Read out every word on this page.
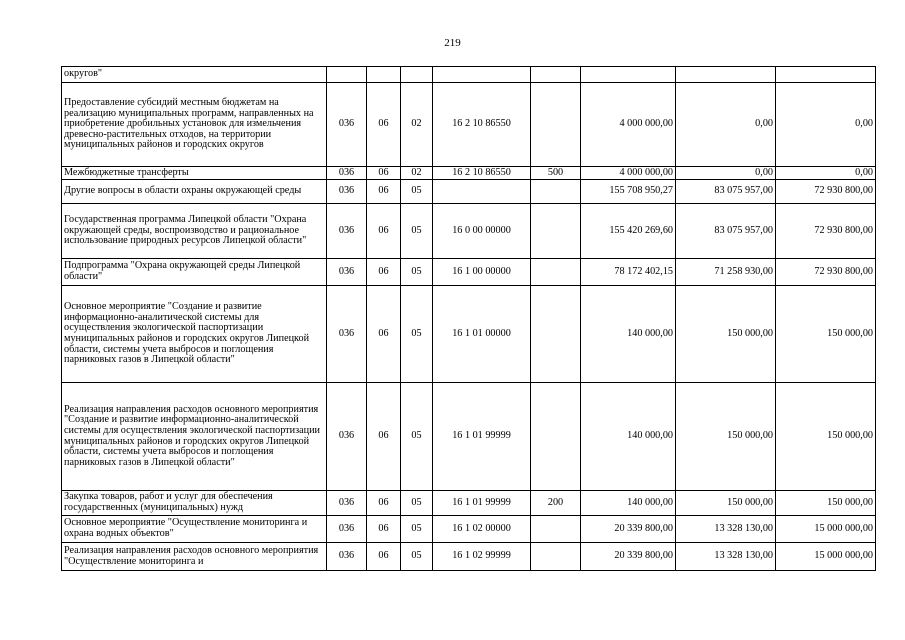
219
округов"								
Предоставление субсидий местным бюджетам на реализацию муниципальных программ, направленных на приобретение дробильных установок для измельчения древесно-растительных отходов, на территории муниципальных районов и городских округов	036	06	02	16 2 10 86550		4 000 000,00	0,00	0,00
Межбюджетные трансферты	036	06	02	16 2 10 86550	500	4 000 000,00	0,00	0,00
Другие вопросы в области охраны окружающей среды	036	06	05			155 708 950,27	83 075 957,00	72 930 800,00
Государственная программа Липецкой области "Охрана окружающей среды, воспроизводство и рациональное использование природных ресурсов Липецкой области"	036	06	05	16 0 00 00000		155 420 269,60	83 075 957,00	72 930 800,00
Подпрограмма "Охрана окружающей среды Липецкой области"	036	06	05	16 1 00 00000		78 172 402,15	71 258 930,00	72 930 800,00
Основное мероприятие "Создание и развитие информационно-аналитической системы для осуществления экологической паспортизации муниципальных районов и городских округов Липецкой области, системы учета выбросов и поглощения парниковых газов в Липецкой области"	036	06	05	16 1 01 00000		140 000,00	150 000,00	150 000,00
Реализация направления расходов основного мероприятия "Создание и развитие информационно-аналитической системы для осуществления экологической паспортизации муниципальных районов и городских округов Липецкой области, системы учета выбросов и поглощения парниковых газов в Липецкой области"	036	06	05	16 1 01 99999		140 000,00	150 000,00	150 000,00
Закупка товаров, работ и услуг для обеспечения государственных (муниципальных) нужд	036	06	05	16 1 01 99999	200	140 000,00	150 000,00	150 000,00
Основное мероприятие "Осуществление мониторинга и охрана водных объектов"	036	06	05	16 1 02 00000		20 339 800,00	13 328 130,00	15 000 000,00
Реализация направления расходов основного мероприятия "Осуществление мониторинга и	036	06	05	16 1 02 99999		20 339 800,00	13 328 130,00	15 000 000,00
